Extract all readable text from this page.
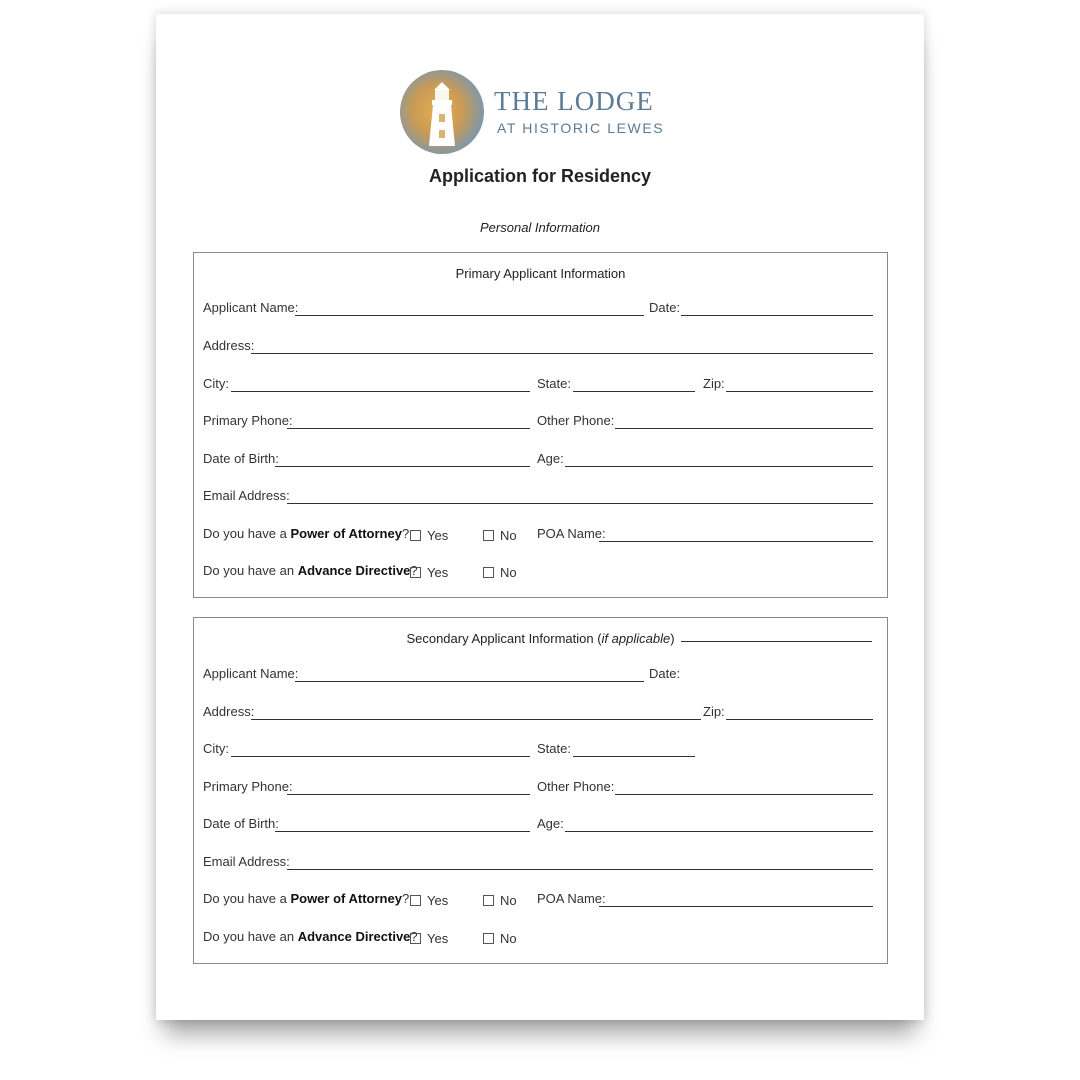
THE LODGE
AT HISTORIC LEWES
Application for Residency
Personal Information
Primary Applicant Information
Applicant Name:	Date:
Address:
City:	State:	Zip:
Primary Phone:	Other Phone:
Date of Birth:	Age:
Email Address:
Do you have a Power of Attorney?	Yes	No POA Name:
Do you have an Advance Directive? Yes	No
Secondary Applicant Information (if applicable)
Applicant Name:	Date:
Address:	Zip:
City:	State:
Primary Phone:	Other Phone:
Date of Birth:	Age:
Email Address:
Do you have a Power of Attorney?	Yes	No POA Name:
Do you have an Advance Directive? Yes	No
